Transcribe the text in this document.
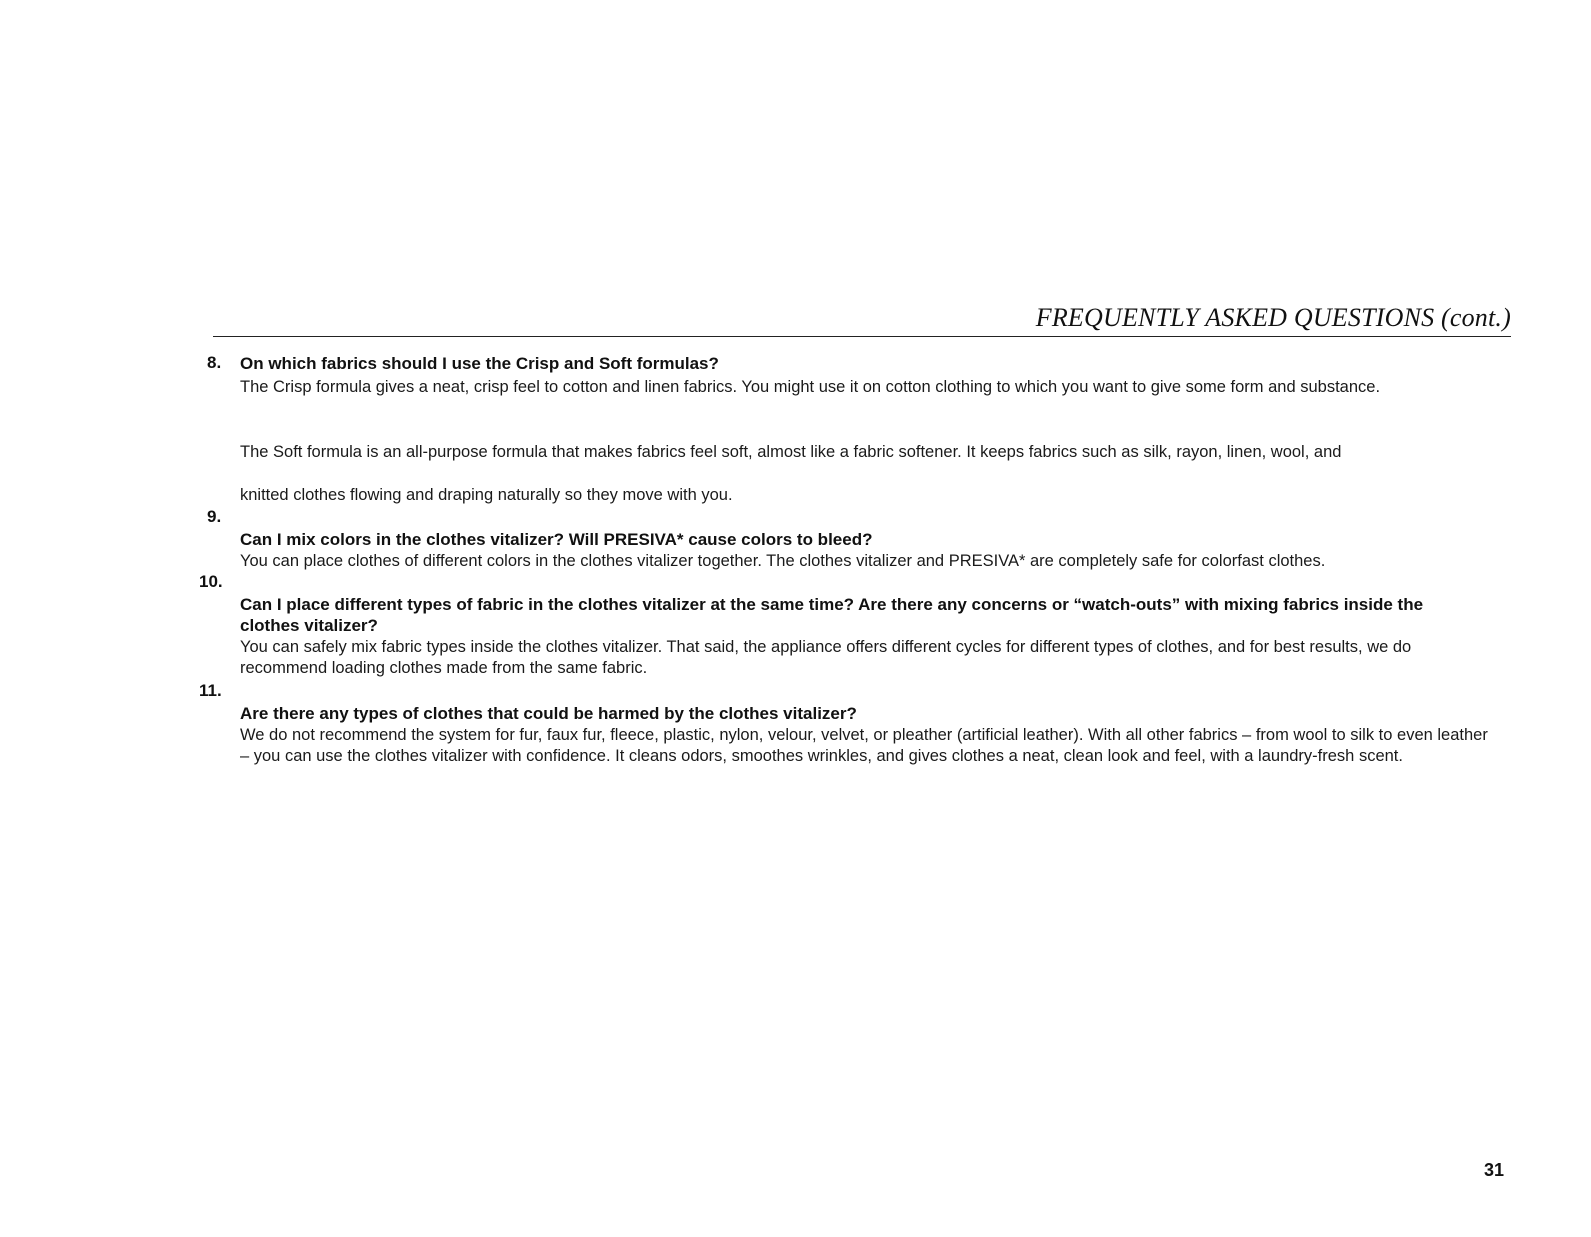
FREQUENTLY ASKED QUESTIONS (cont.)
8. On which fabrics should I use the Crisp and Soft formulas?

The Crisp formula gives a neat, crisp feel to cotton and linen fabrics. You might use it on cotton clothing to which you want to give some form and substance.

The Soft formula is an all-purpose formula that makes fabrics feel soft, almost like a fabric softener. It keeps fabrics such as silk, rayon, linen, wool, and

knitted clothes flowing and draping naturally so they move with you.

9.

Can I mix colors in the clothes vitalizer? Will PRESIVA* cause colors to bleed?

You can place clothes of different colors in the clothes vitalizer together. The clothes vitalizer and PRESIVA* are completely safe for colorfast clothes.

10.

Can I place different types of fabric in the clothes vitalizer at the same time? Are there any concerns or “watch-outs” with mixing fabrics inside the clothes vitalizer?

You can safely mix fabric types inside the clothes vitalizer. That said, the appliance offers different cycles for different types of clothes, and for best results, we do recommend loading clothes made from the same fabric.

11.

Are there any types of clothes that could be harmed by the clothes vitalizer?

We do not recommend the system for fur, faux fur, fleece, plastic, nylon, velour, velvet, or pleather (artificial leather). With all other fabrics – from wool to silk to even leather – you can use the clothes vitalizer with confidence. It cleans odors, smoothes wrinkles, and gives clothes a neat, clean look and feel, with a laundry-fresh scent.

31
